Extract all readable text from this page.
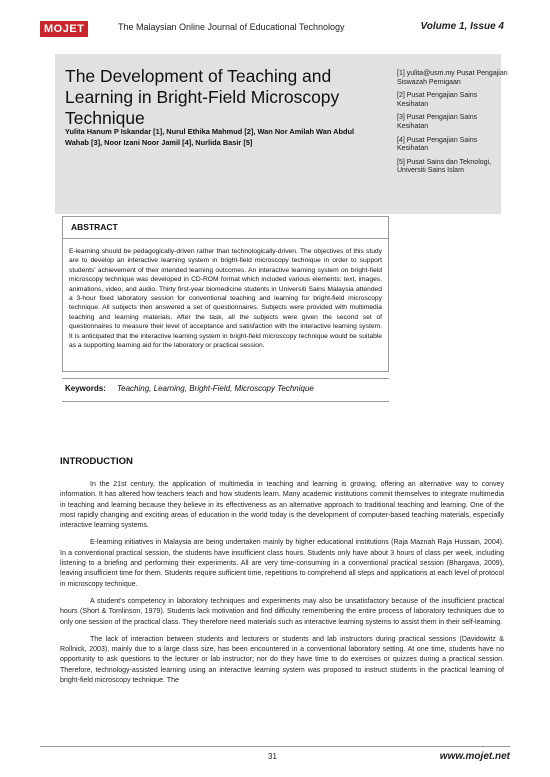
MOJET	The Malaysian Online Journal of Educational Technology	Volume 1, Issue 4
The Development of Teaching and Learning in Bright-Field Microscopy Technique
Yulita Hanum P Iskandar [1], Nurul Ethika Mahmud [2], Wan Nor Amilah Wan Abdul Wahab [3], Noor Izani Noor Jamil [4], Nurlida Basir [5]
[1] yulita@usm.my Pusat Pengajian Siswazah Pernigaan
[2] Pusat Pengajian Sains Kesihatan
[3] Pusat Pengajian Sains Kesihatan
[4] Pusat Pengajian Sains Kesihatan
[5] Pusat Sains dan Teknologi, Universiti Sains Islam
ABSTRACT
E-learning should be pedagogically-driven rather than technologically-driven. The objectives of this study are to develop an interactive learning system in bright-field microscopy technique in order to support students' achievement of their intended learning outcomes. An interactive learning system on bright-field microscopy technique was developed in CD-ROM format which included various elements: text, images, animations, video, and audio. Thirty first-year biomedicine students in Universiti Sains Malaysia attended a 3-hour fixed laboratory session for conventional teaching and learning for bright-field microscopy technique. All subjects then answered a set of questionnaires. Subjects were provided with multimedia teaching and learning materials. After the task, all the subjects were given the second set of questionnaires to measure their level of acceptance and satisfaction with the interactive learning system. It is anticipated that the interactive learning system in bright-field microscopy technique would be suitable as a supporting learning aid for the laboratory or practical session.
Keywords: Teaching, Learning, Bright-Field, Microscopy Technique
INTRODUCTION

In the 21st century, the application of multimedia in teaching and learning is growing, offering an alternative way to convey information. It has altered how teachers teach and how students learn. Many academic institutions commit themselves to integrate multimedia in teaching and learning because they believe in its effectiveness as an alternative approach to traditional teaching and learning. One of the most rapidly changing and exciting areas of education in the world today is the development of computer-based teaching materials, especially interactive learning systems.

E-learning initiatives in Malaysia are being undertaken mainly by higher educational institutions (Raja Maznah Raja Hussain, 2004). In a conventional practical session, the students have insufficient class hours. Students only have about 3 hours of class per week, including listening to a briefing and performing their experiments. All are very time-consuming in a conventional practical session (Bhargava, 2009), leaving insufficient time for them. Students require sufficient time, repetitions to comprehend all steps and applications at each level of protocol in microscopy technique.

A student's competency in laboratory techniques and experiments may also be unsatisfactory because of the insufficient practical hours (Short & Tomlinson, 1979). Students lack motivation and find difficulty remembering the entire process of laboratory techniques due to only one session of the practical class. They therefore need materials such as interactive learning systems to assist them in their self-learning.

The lack of interaction between students and lecturers or students and lab instructors during practical sessions (Davidowitz & Rollnick, 2003), mainly due to a large class size, has been encountered in a conventional laboratory setting. At one time, students have no opportunity to ask questions to the lecturer or lab instructor; nor do they have time to do exercises or quizzes during a practical session. Therefore, technology-assisted learning using an interactive learning system was proposed to instruct students in the practical learning of bright-field microscopy technique. The

31	www.mojet.net
